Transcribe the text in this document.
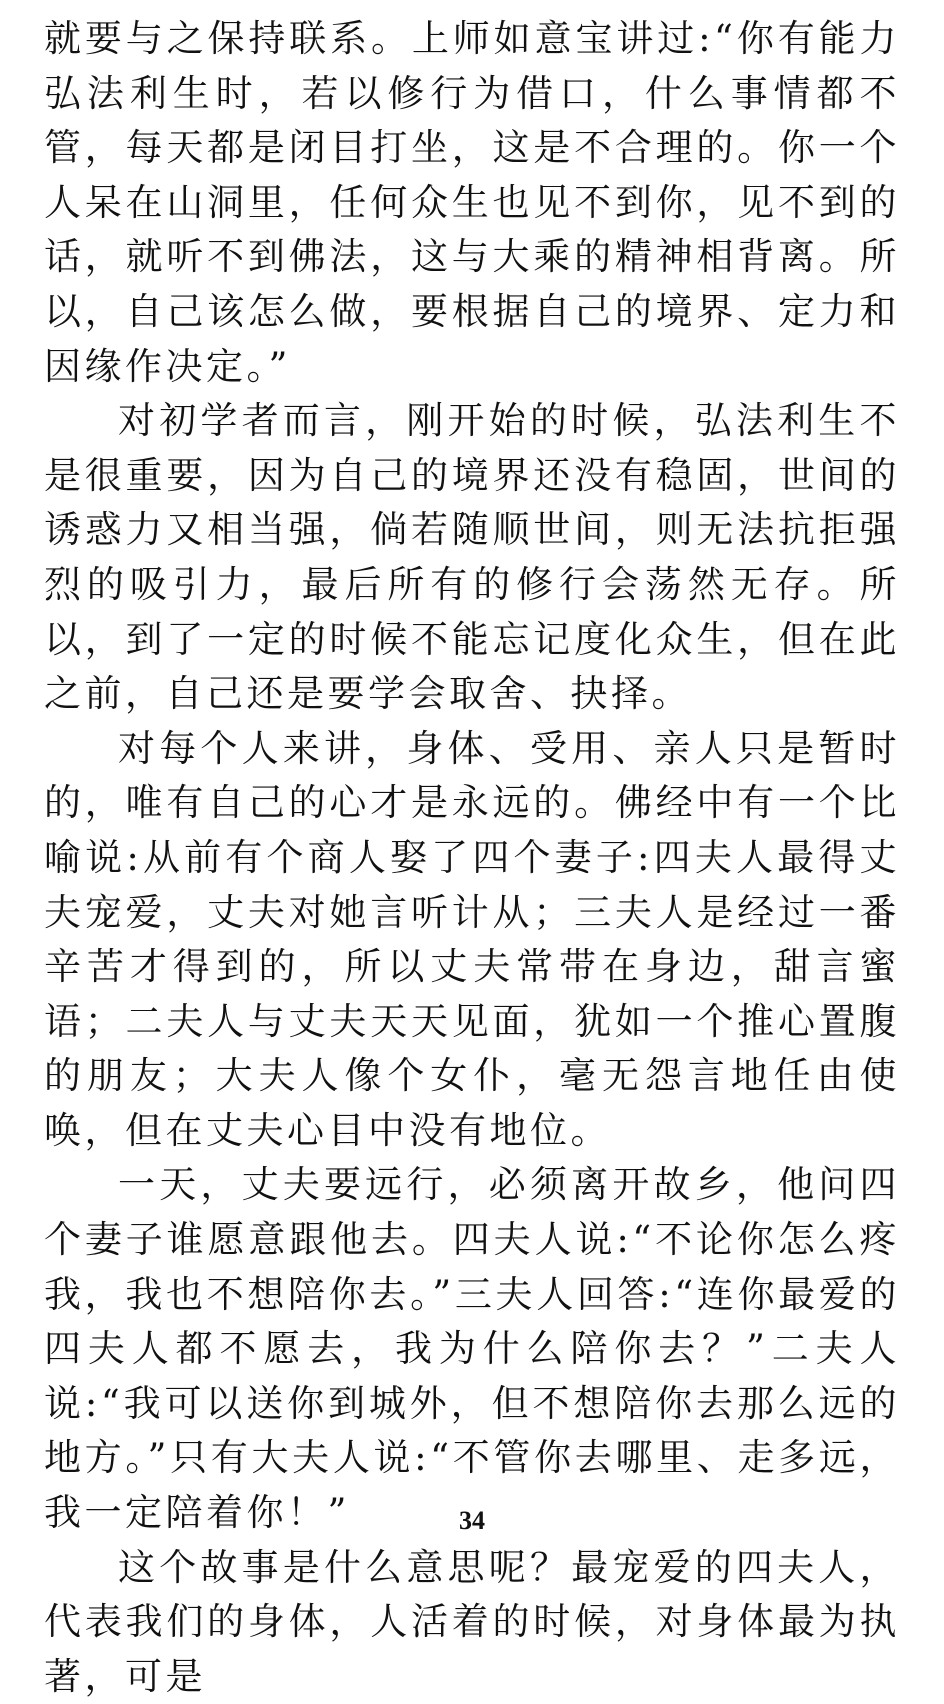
就要与之保持联系。上师如意宝讲过:“你有能力弘法利生时，若以修行为借口，什么事情都不管，每天都是闭目打坐，这是不合理的。你一个人呆在山洞里，任何众生也见不到你，见不到的话，就听不到佛法，这与大乘的精神相背离。所以，自己该怎么做，要根据自己的境界、定力和因缘作决定。”

对初学者而言，刚开始的时候，弘法利生不是很重要，因为自己的境界还没有稳固，世间的诱惑力又相当强，倘若随顺世间，则无法抗拒强烈的吸引力，最后所有的修行会荡然无存。所以，到了一定的时候不能忘记度化众生，但在此之前，自己还是要学会取舍、抉择。

对每个人来讲，身体、受用、亲人只是暂时的，唯有自己的心才是永远的。佛经中有一个比喻说:从前有个商人娶了四个妻子:四夫人最得丈夫宠爱，丈夫对她言听计从；三夫人是经过一番辛苦才得到的，所以丈夫常带在身边，甜言蜜语；二夫人与丈夫天天见面，犹如一个推心置腹的朋友；大夫人像个女仆，毫无怨言地任由使唤，但在丈夫心目中没有地位。

一天，丈夫要远行，必须离开故乡，他问四个妻子谁愿意跟他去。四夫人说:“不论你怎么疼我，我也不想陪你去。”三夫人回答:“连你最爱的四夫人都不愿去，我为什么陪你去？”二夫人说:“我可以送你到城外，但不想陪你去那么远的地方。”只有大夫人说:“不管你去哪里、走多远，我一定陪着你！”

这个故事是什么意思呢？最宠爱的四夫人，代表我们的身体，人活着的时候，对身体最为执著，可是

34
